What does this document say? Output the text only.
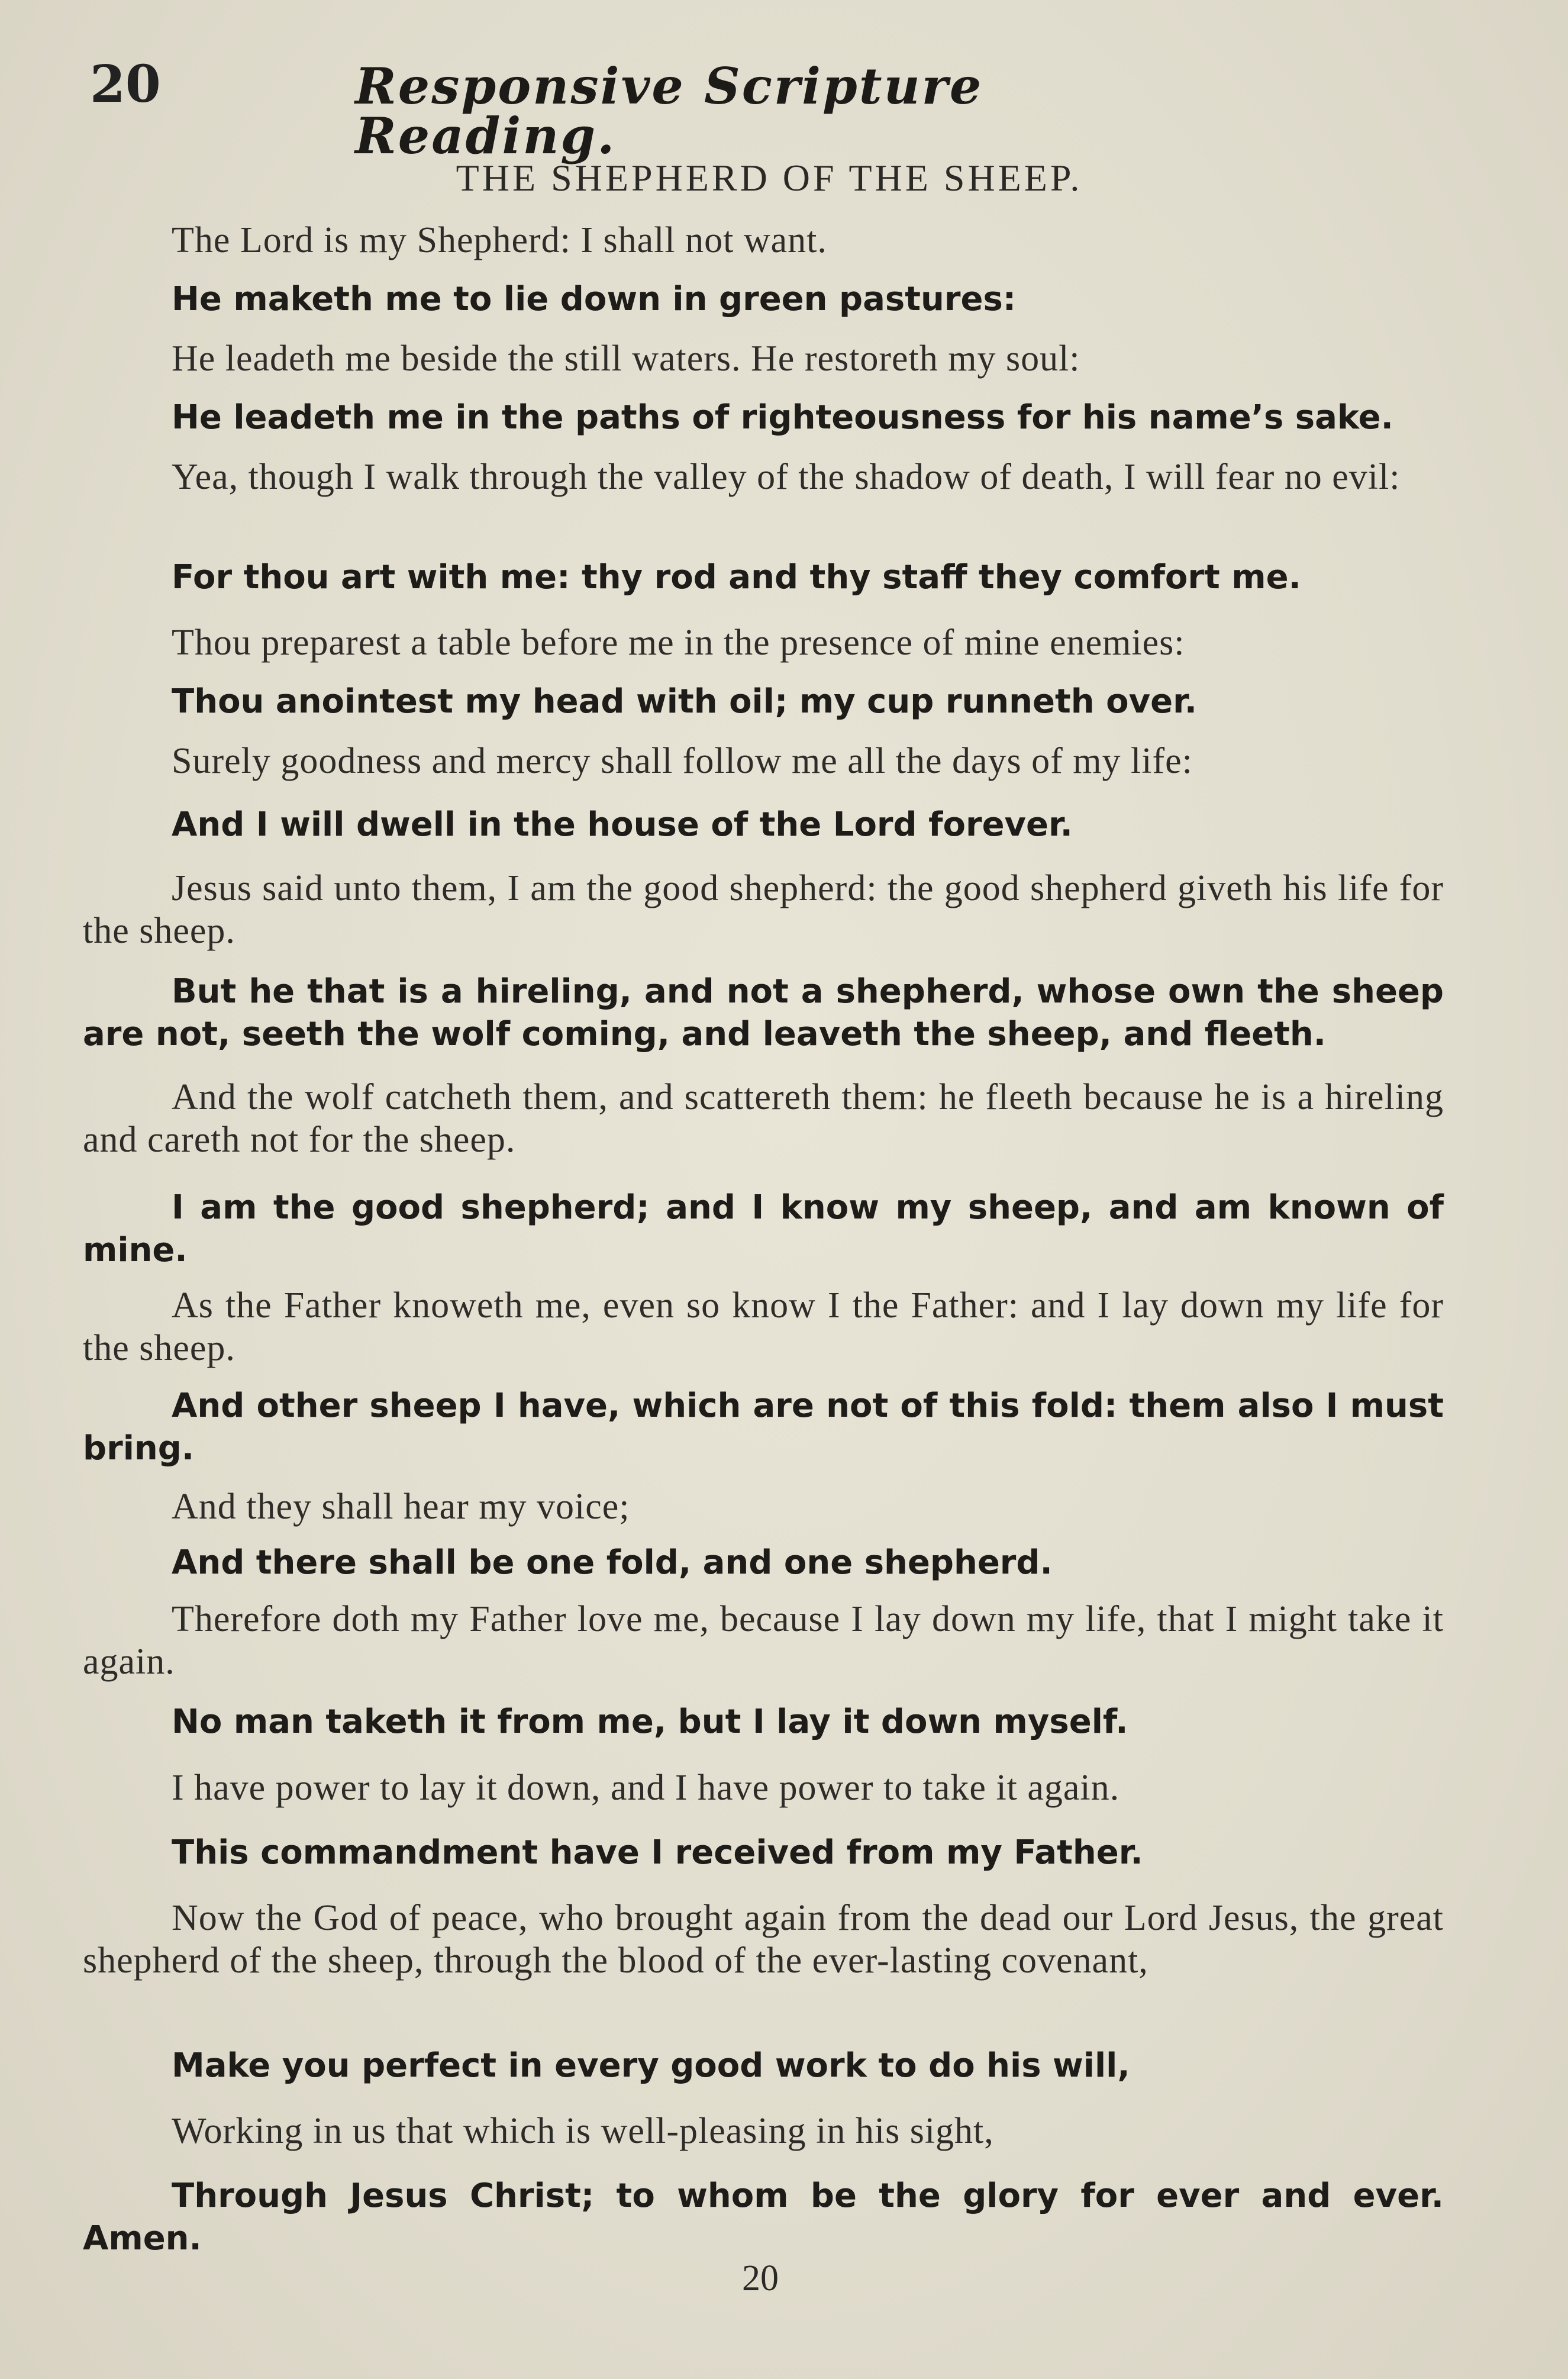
20	Responsive Scripture Reading.
THE SHEPHERD OF THE SHEEP.

The Lord is my Shepherd: I shall not want.

He maketh me to lie down in green pastures:

He leadeth me beside the still waters. He restoreth my soul:

He leadeth me in the paths of righteousness for his name’s sake.

Yea, though I walk through the valley of the shadow of death, I will fear no evil:

For thou art with me: thy rod and thy staff they comfort me.

Thou preparest a table before me in the presence of mine enemies:

Thou anointest my head with oil; my cup runneth over.

Surely goodness and mercy shall follow me all the days of my life:

And I will dwell in the house of the Lord forever.

Jesus said unto them, I am the good shepherd: the good shepherd giveth his life for the sheep.

But he that is a hireling, and not a shepherd, whose own the sheep are not, seeth the wolf coming, and leaveth the sheep, and fleeth.

And the wolf catcheth them, and scattereth them: he fleeth because he is a hireling and careth not for the sheep.

I am the good shepherd; and I know my sheep, and am known of mine.

As the Father knoweth me, even so know I the Father: and I lay down my life for the sheep.

And other sheep I have, which are not of this fold: them also I must bring.

And they shall hear my voice;

And there shall be one fold, and one shepherd.

Therefore doth my Father love me, because I lay down my life, that I might take it again.

No man taketh it from me, but I lay it down myself.

I have power to lay it down, and I have power to take it again.

This commandment have I received from my Father.

Now the God of peace, who brought again from the dead our Lord Jesus, the great shepherd of the sheep, through the blood of the ever-lasting covenant,

Make you perfect in every good work to do his will,

Working in us that which is well-pleasing in his sight,

Through Jesus Christ; to whom be the glory for ever and ever. Amen.

20
